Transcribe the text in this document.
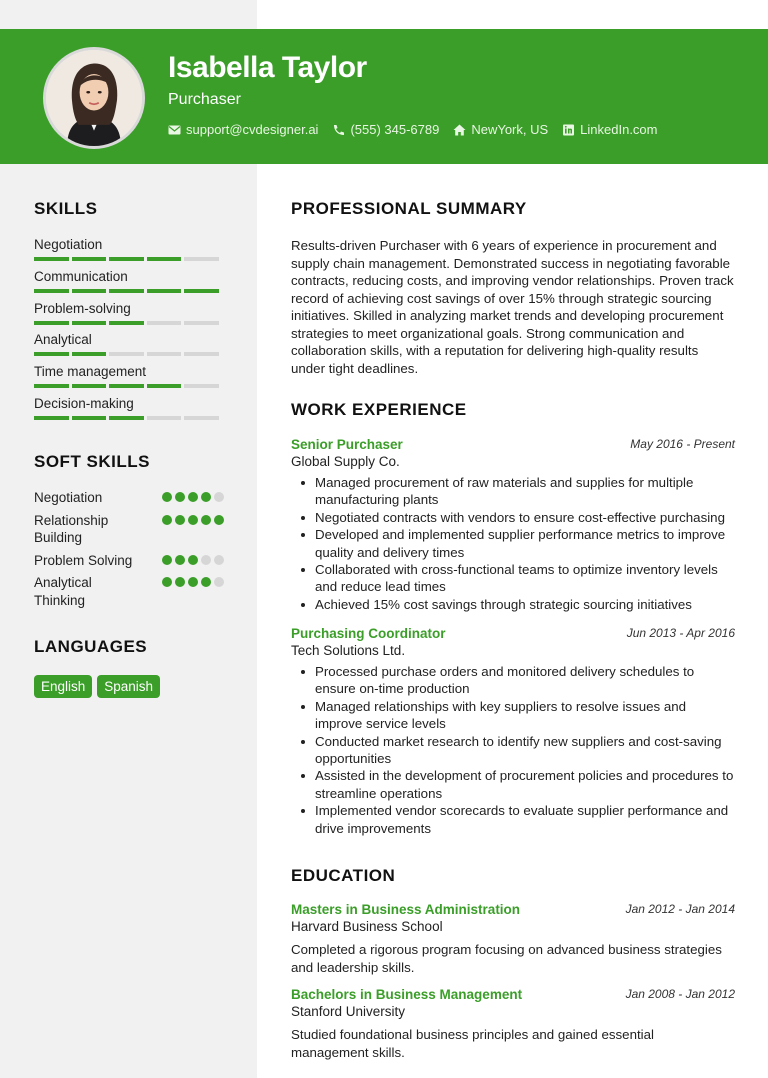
Isabella Taylor
Purchaser
support@cvdesigner.ai (555) 345-6789 NewYork, US LinkedIn.com
SKILLS
Negotiation
Communication
Problem-solving
Analytical
Time management
Decision-making
SOFT SKILLS
Negotiation
Relationship Building
Problem Solving
Analytical Thinking
LANGUAGES
English	Spanish
PROFESSIONAL SUMMARY
Results-driven Purchaser with 6 years of experience in procurement and supply chain management. Demonstrated success in negotiating favorable contracts, reducing costs, and improving vendor relationships. Proven track record of achieving cost savings of over 15% through strategic sourcing initiatives. Skilled in analyzing market trends and developing procurement strategies to meet organizational goals. Strong communication and collaboration skills, with a reputation for delivering high-quality results under tight deadlines.
WORK EXPERIENCE
Senior Purchaser	May 2016 - Present
Global Supply Co.
Managed procurement of raw materials and supplies for multiple manufacturing plants
Negotiated contracts with vendors to ensure cost-effective purchasing
Developed and implemented supplier performance metrics to improve quality and delivery times
Collaborated with cross-functional teams to optimize inventory levels and reduce lead times
Achieved 15% cost savings through strategic sourcing initiatives
Purchasing Coordinator	Jun 2013 - Apr 2016
Tech Solutions Ltd.
Processed purchase orders and monitored delivery schedules to ensure on-time production
Managed relationships with key suppliers to resolve issues and improve service levels
Conducted market research to identify new suppliers and cost-saving opportunities
Assisted in the development of procurement policies and procedures to streamline operations
Implemented vendor scorecards to evaluate supplier performance and drive improvements
EDUCATION
Masters in Business Administration	Jan 2012 - Jan 2014
Harvard Business School
Completed a rigorous program focusing on advanced business strategies and leadership skills.
Bachelors in Business Management	Jan 2008 - Jan 2012
Stanford University
Studied foundational business principles and gained essential management skills.
